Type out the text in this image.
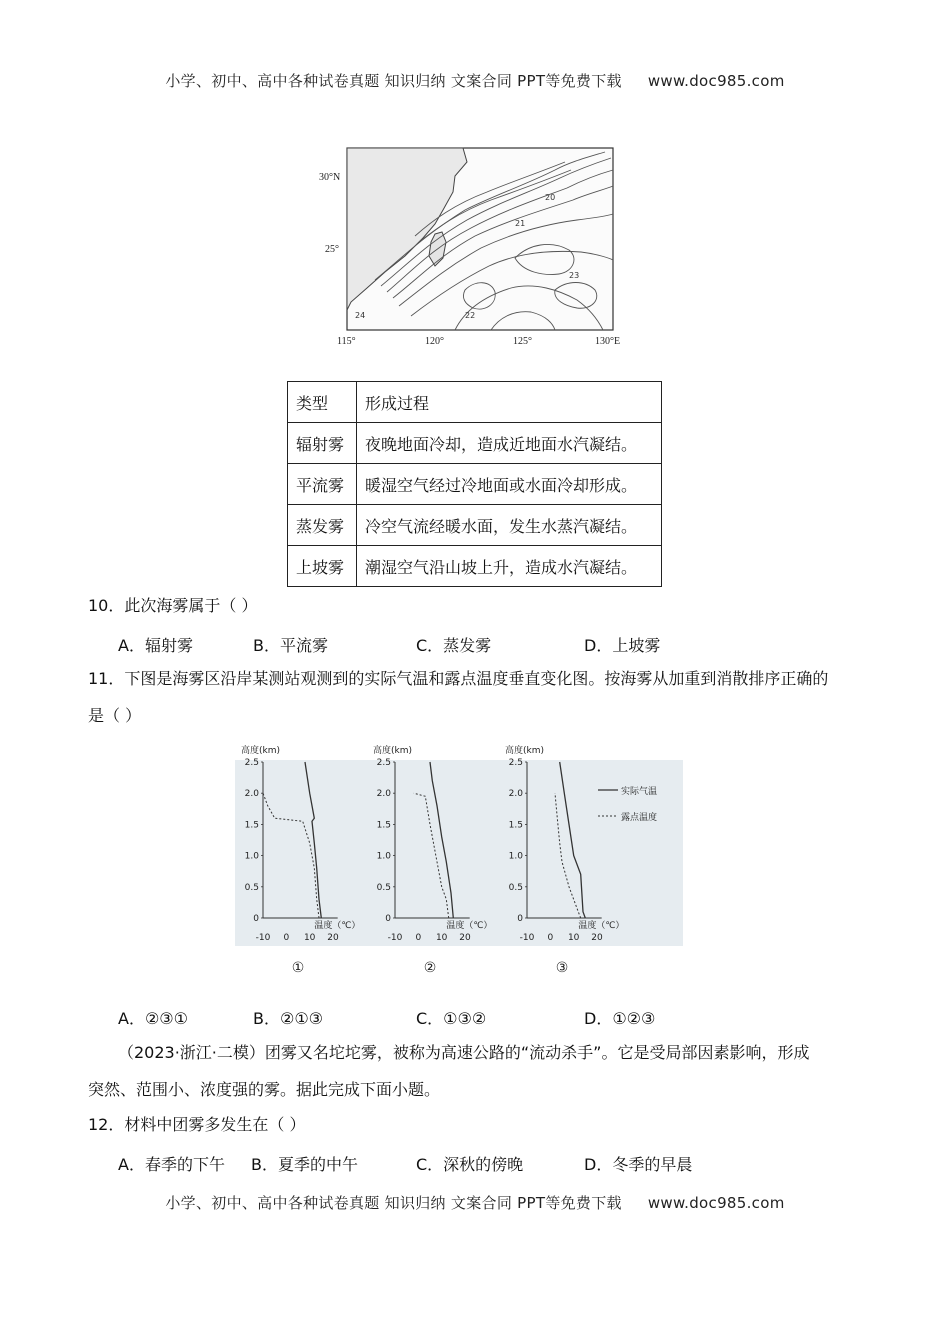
小学、初中、高中各种试卷真题 知识归纳 文案合同 PPT等免费下载 www.doc985.com
30°N
25°
115°	120°	125°	130°E
24	22
20
23
21
类型	形成过程
辐射雾	夜晚地面冷却，造成近地面水汽凝结。
平流雾	暖湿空气经过冷地面或水面冷却形成。
蒸发雾	冷空气流经暖水面，发生水蒸汽凝结。
上坡雾	潮湿空气沿山坡上升，造成水汽凝结。
10．此次海雾属于（ ）
A．辐射雾	B．平流雾	C．蒸发雾	D．上坡雾
11．下图是海雾区沿岸某测站观测到的实际气温和露点温度垂直变化图。按海雾从加重到消散排序正确的
是（ ）
高度(km)
2.5
2.0
1.5
1.0
0.5
0
-10 0 10 20
温度（℃）
①
高度(km)
2.5
2.0
1.5
1.0
0.5
0
-10 0 10 20
温度（℃）
②
高度(km)
2.5
2.0
1.5
1.0
0.5
0
-10 0 10 20
温度（℃）
③
实际气温
露点温度
A．②③①	B．②①③	C．①③②	D．①②③
（2023·浙江·二模）团雾又名坨坨雾，被称为高速公路的“流动杀手”。它是受局部因素影响，形成
突然、范围小、浓度强的雾。据此完成下面小题。
12．材料中团雾多发生在（ ）
A．春季的下午 B．夏季的中午	C．深秋的傍晚	D．冬季的早晨
小学、初中、高中各种试卷真题 知识归纳 文案合同 PPT等免费下载 www.doc985.com
